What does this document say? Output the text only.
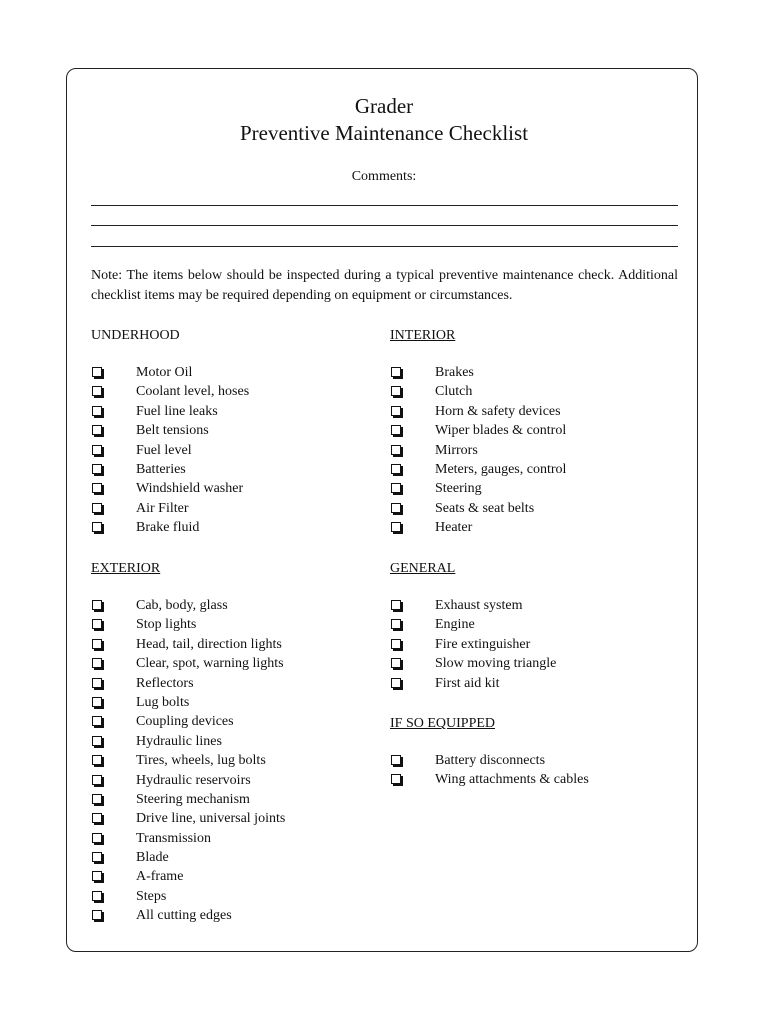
Grader
Preventive Maintenance Checklist
Comments:
Note: The items below should be inspected during a typical preventive maintenance check. Additional checklist items may be required depending on equipment or circumstances.
UNDERHOOD
Motor Oil
Coolant level, hoses
Fuel line leaks
Belt tensions
Fuel level
Batteries
Windshield washer
Air Filter
Brake fluid
INTERIOR
Brakes
Clutch
Horn & safety devices
Wiper blades & control
Mirrors
Meters, gauges, control
Steering
Seats & seat belts
Heater
EXTERIOR
Cab, body, glass
Stop lights
Head, tail, direction lights
Clear, spot, warning lights
Reflectors
Lug bolts
Coupling devices
Hydraulic lines
Tires, wheels, lug bolts
Hydraulic reservoirs
Steering mechanism
Drive line, universal joints
Transmission
Blade
A-frame
Steps
All cutting edges
GENERAL
Exhaust system
Engine
Fire extinguisher
Slow moving triangle
First aid kit
IF SO EQUIPPED
Battery disconnects
Wing attachments & cables
